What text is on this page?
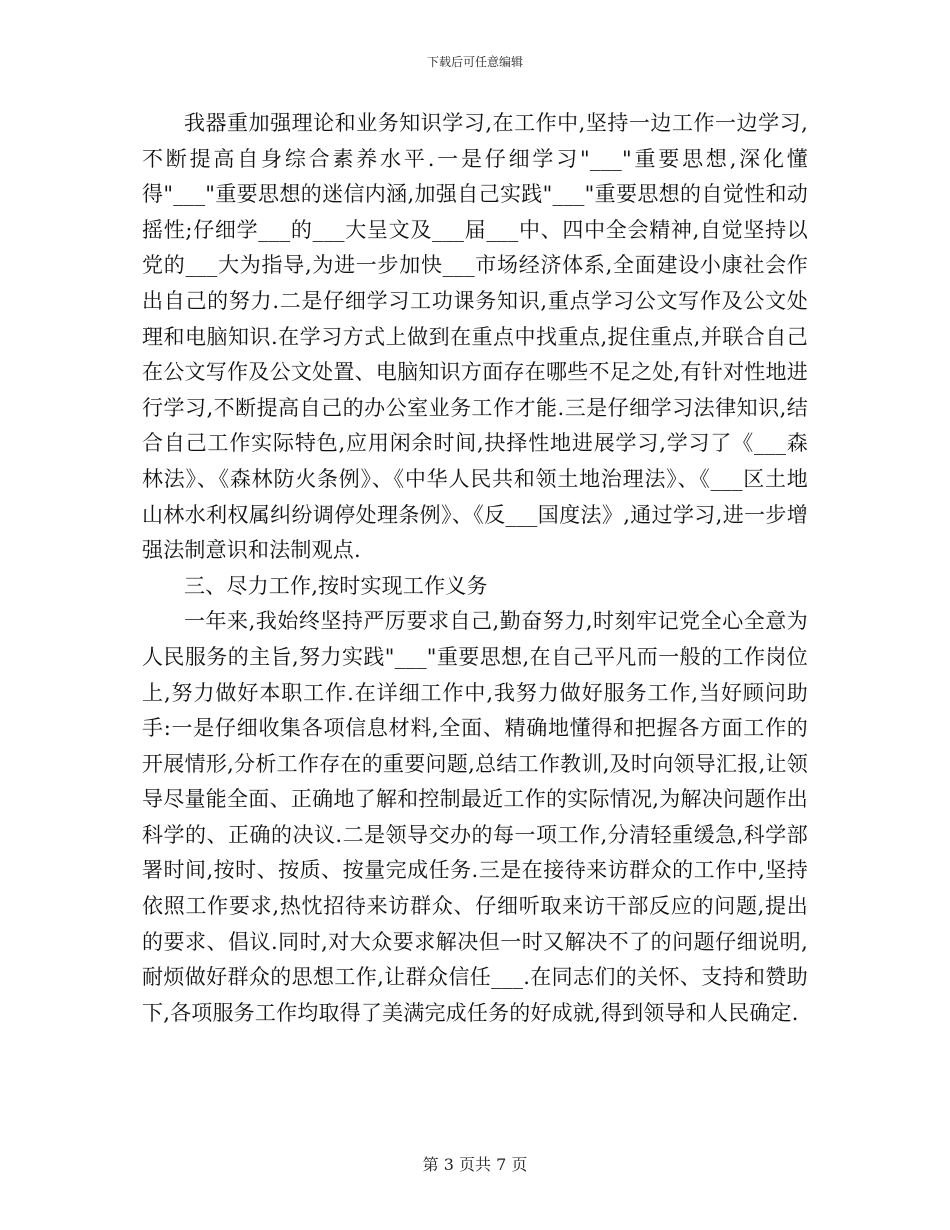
下载后可任意编辑

我器重加强理论和业务知识学习,在工作中,坚持一边工作一边学习,不断提高自身综合素养水平.一是仔细学习"___"重要思想,深化懂得"___"重要思想的迷信内涵,加强自己实践"___"重要思想的自觉性和动摇性;仔细学___的___大呈文及___届___中、四中全会精神,自觉坚持以党的___大为指导,为进一步加快___市场经济体系,全面建设小康社会作出自己的努力.二是仔细学习工功课务知识,重点学习公文写作及公文处理和电脑知识.在学习方式上做到在重点中找重点,捉住重点,并联合自己在公文写作及公文处置、电脑知识方面存在哪些不足之处,有针对性地进行学习,不断提高自己的办公室业务工作才能.三是仔细学习法律知识,结合自己工作实际特色,应用闲余时间,抉择性地进展学习,学习了《___森林法》、《森林防火条例》、《中华人民共和领土地治理法》、《___区土地山林水利权属纠纷调停处理条例》、《反___国度法》,通过学习,进一步增强法制意识和法制观点.

三、尽力工作,按时实现工作义务

一年来,我始终坚持严厉要求自己,勤奋努力,时刻牢记党全心全意为人民服务的主旨,努力实践"___"重要思想,在自己平凡而一般的工作岗位上,努力做好本职工作.在详细工作中,我努力做好服务工作,当好顾问助手:一是仔细收集各项信息材料,全面、精确地懂得和把握各方面工作的开展情形,分析工作存在的重要问题,总结工作教训,及时向领导汇报,让领导尽量能全面、正确地了解和控制最近工作的实际情况,为解决问题作出科学的、正确的决议.二是领导交办的每一项工作,分清轻重缓急,科学部署时间,按时、按质、按量完成任务.三是在接待来访群众的工作中,坚持依照工作要求,热忱招待来访群众、仔细听取来访干部反应的问题,提出的要求、倡议.同时,对大众要求解决但一时又解决不了的问题仔细说明,耐烦做好群众的思想工作,让群众信任___.在同志们的关怀、支持和赞助下,各项服务工作均取得了美满完成任务的好成就,得到领导和人民确定.

第 3 页共 7 页
